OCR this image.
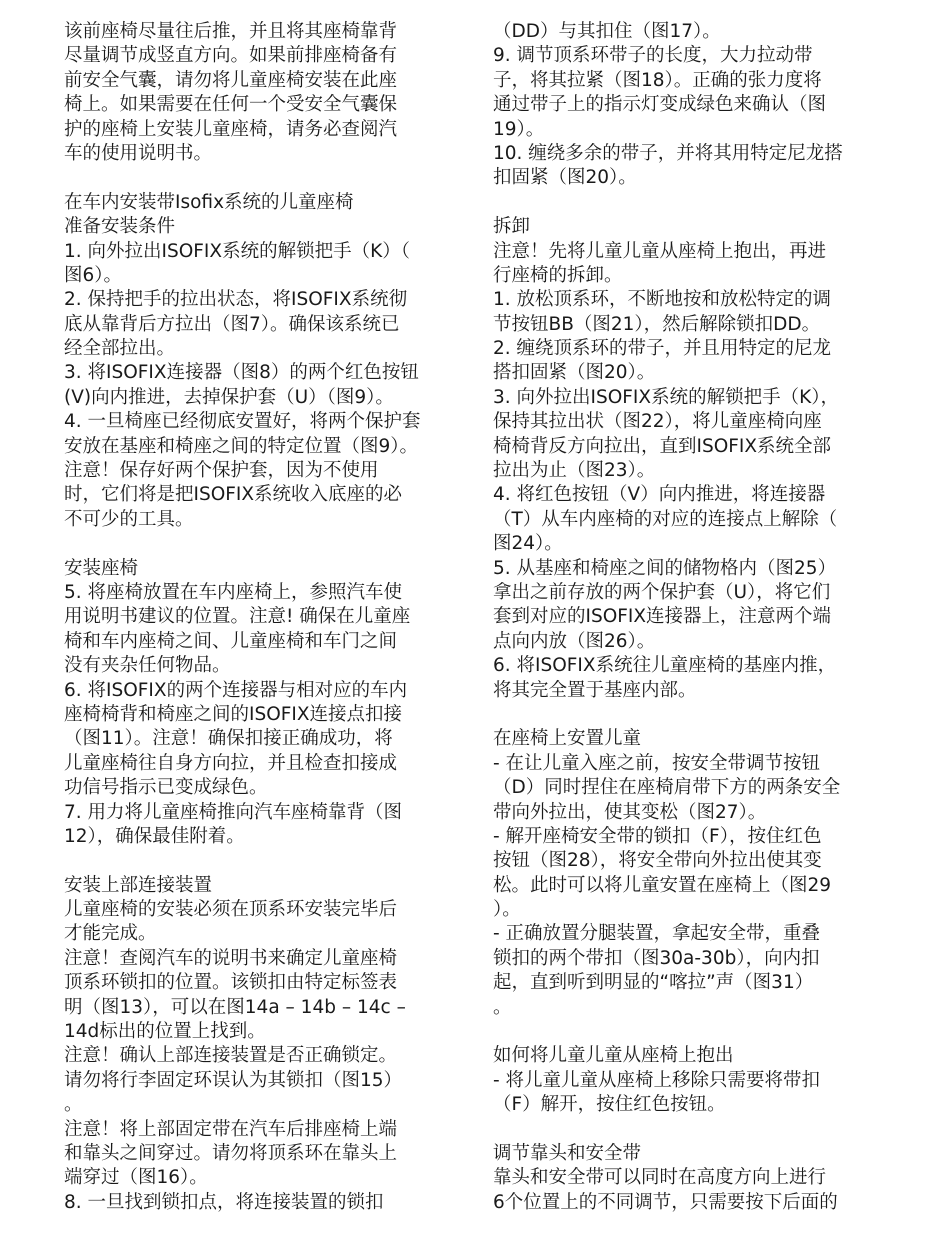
该前座椅尽量往后推，并且将其座椅靠背
尽量调节成竖直方向。如果前排座椅备有
前安全气囊，请勿将儿童座椅安装在此座
椅上。如果需要在任何一个受安全气囊保
护的座椅上安装儿童座椅，请务必查阅汽
车的使用说明书。
在车内安装带Isofix系统的儿童座椅
准备安装条件
1. 向外拉出ISOFIX系统的解锁把手（K）（
图6）。
2. 保持把手的拉出状态，将ISOFIX系统彻
底从靠背后方拉出（图7）。确保该系统已
经全部拉出。
3. 将ISOFIX连接器（图8）的两个红色按钮
(V)向内推进，去掉保护套（U）（图9）。
4. 一旦椅座已经彻底安置好，将两个保护套
安放在基座和椅座之间的特定位置（图9）。
注意！保存好两个保护套，因为不使用
时，它们将是把ISOFIX系统收入底座的必
不可少的工具。
安装座椅
5. 将座椅放置在车内座椅上，参照汽车使
用说明书建议的位置。注意! 确保在儿童座
椅和车内座椅之间、儿童座椅和车门之间
没有夹杂任何物品。
6. 将ISOFIX的两个连接器与相对应的车内
座椅椅背和椅座之间的ISOFIX连接点扣接
（图11）。注意！确保扣接正确成功，将
儿童座椅往自身方向拉，并且检查扣接成
功信号指示已变成绿色。
7. 用力将儿童座椅推向汽车座椅靠背（图
12），确保最佳附着。
安装上部连接装置
儿童座椅的安装必须在顶系环安装完毕后
才能完成。
注意！查阅汽车的说明书来确定儿童座椅
顶系环锁扣的位置。该锁扣由特定标签表
明（图13），可以在图14a – 14b – 14c –
14d标出的位置上找到。
注意！确认上部连接装置是否正确锁定。
请勿将行李固定环误认为其锁扣（图15）
。
注意！将上部固定带在汽车后排座椅上端
和靠头之间穿过。请勿将顶系环在靠头上
端穿过（图16）。
8. 一旦找到锁扣点，将连接装置的锁扣
（DD）与其扣住（图17）。
9. 调节顶系环带子的长度，大力拉动带
子，将其拉紧（图18）。正确的张力度将
通过带子上的指示灯变成绿色来确认（图
19）。
10. 缠绕多余的带子，并将其用特定尼龙搭
扣固紧（图20）。
拆卸
注意！先将儿童儿童从座椅上抱出，再进
行座椅的拆卸。
1. 放松顶系环，不断地按和放松特定的调
节按钮BB（图21），然后解除锁扣DD。
2. 缠绕顶系环的带子，并且用特定的尼龙
搭扣固紧（图20）。
3. 向外拉出ISOFIX系统的解锁把手（K），
保持其拉出状（图22），将儿童座椅向座
椅椅背反方向拉出，直到ISOFIX系统全部
拉出为止（图23）。
4. 将红色按钮（V）向内推进，将连接器
（T）从车内座椅的对应的连接点上解除（
图24）。
5. 从基座和椅座之间的储物格内（图25）
拿出之前存放的两个保护套（U），将它们
套到对应的ISOFIX连接器上，注意两个端
点向内放（图26）。
6. 将ISOFIX系统往儿童座椅的基座内推，
将其完全置于基座内部。
在座椅上安置儿童
- 在让儿童入座之前，按安全带调节按钮
（D）同时捏住在座椅肩带下方的两条安全
带向外拉出，使其变松（图27）。
- 解开座椅安全带的锁扣（F），按住红色
按钮（图28），将安全带向外拉出使其变
松。此时可以将儿童安置在座椅上（图29
）。
- 正确放置分腿装置，拿起安全带，重叠
锁扣的两个带扣（图30a-30b），向内扣
起，直到听到明显的“喀拉”声（图31）
。
如何将儿童儿童从座椅上抱出
- 将儿童儿童从座椅上移除只需要将带扣
（F）解开，按住红色按钮。
调节靠头和安全带
靠头和安全带可以同时在高度方向上进行
6个位置上的不同调节，只需要按下后面的
